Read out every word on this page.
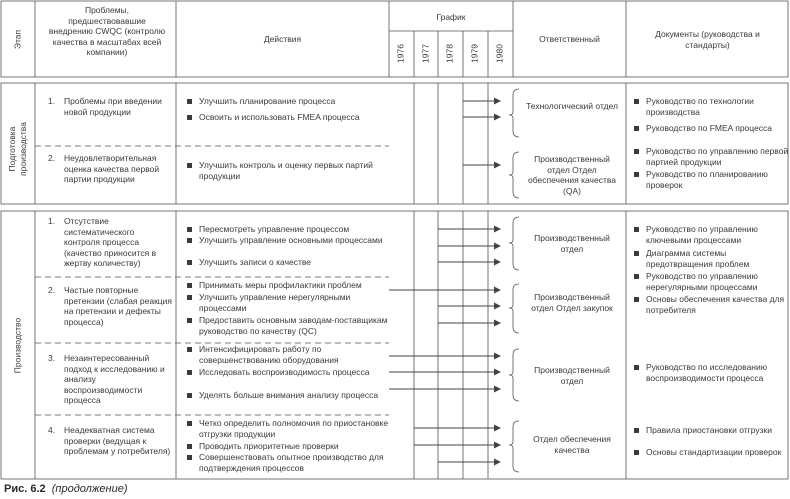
Этап
Проблемы, предшествовавшие внедрению CWQC (контролю качества в масштабах всей компании)
Действия
График
1976 1977 1978 1979 1980
Ответственный	Документы (руководства и стандарты)
Подготовка производства
1. Проблемы при введении новой продукции
Улучшить планирование процесса
Освоить и использовать FMEA процесса
2. Неудовлетворительная оценка качества первой партии продукции
Улучшить контроль и оценку первых партий продукции
Технологический отдел
Производственный отдел Отдел обеспечения качества (QA)
Руководство по технологии производства
Руководство по FMEA процесса
Руководство по управлению первой партией продукции
Руководство по планированию проверок
Производство
1. Отсутствие систематического контроля процесса (качество приносится в жертву количеству)
Пересмотреть управление процессом
Улучшить управление основными процессами
Улучшить записи о качестве
Производственный отдел
Руководство по управлению ключевыми процессами
Диаграмма системы предотвращения проблем
2. Частые повторные претензии (слабая реакция на претензии и дефекты процесса)
Принимать меры профилактики проблем
Улучшить управление нерегулярными процессами
Предоставить основным заводам-поставщикам руководство по качеству (QC)
Производственный отдел Отдел закупок
Руководство по управлению нерегулярными процессами
Основы обеспечения качества для потребителя
3. Незаинтересованный подход к исследованию и анализу воспроизводимости процесса
Интенсифицировать работу по совершенствованию оборудования
Исследовать воспроизводимость процесса
Уделять больше внимания анализу процесса
Производственный отдел
Руководство по исследованию воспроизводимости процесса
4. Неадекватная система проверки (ведущая к проблемам у потребителя)
Четко определить полномочия по приостановке отгрузки продукции
Проводить приоритетные проверки
Совершенствовать опытное производство для подтверждения процессов
Отдел обеспечения качества
Правила приостановки отгрузки
Основы стандартизации проверок
Рис. 6.2 (продолжение)
